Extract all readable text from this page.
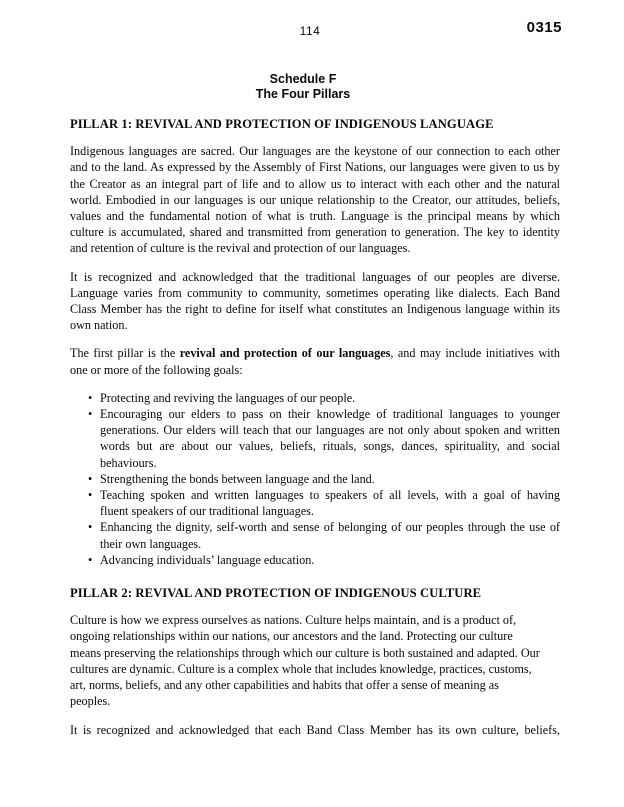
114	0315
Schedule F
The Four Pillars
PILLAR 1: REVIVAL AND PROTECTION OF INDIGENOUS LANGUAGE
Indigenous languages are sacred. Our languages are the keystone of our connection to each other
and to the land. As expressed by the Assembly of First Nations, our languages were given to us by
the Creator as an integral part of life and to allow us to interact with each other and the natural
world. Embodied in our languages is our unique relationship to the Creator, our attitudes, beliefs,
values and the fundamental notion of what is truth. Language is the principal means by which
culture is accumulated, shared and transmitted from generation to generation. The key to identity
and retention of culture is the revival and protection of our languages.
It is recognized and acknowledged that the traditional languages of our peoples are diverse.
Language varies from community to community, sometimes operating like dialects. Each Band
Class Member has the right to define for itself what constitutes an Indigenous language within its
own nation.
The first pillar is the revival and protection of our languages, and may include initiatives with
one or more of the following goals:
• Protecting and reviving the languages of our people.
• Encouraging our elders to pass on their knowledge of traditional languages to younger
generations. Our elders will teach that our languages are not only about spoken and written
words but are about our values, beliefs, rituals, songs, dances, spirituality, and social
behaviours.
• Strengthening the bonds between language and the land.
• Teaching spoken and written languages to speakers of all levels, with a goal of having
fluent speakers of our traditional languages.
• Enhancing the dignity, self-worth and sense of belonging of our peoples through the use of
their own languages.
• Advancing individuals’ language education.
PILLAR 2: REVIVAL AND PROTECTION OF INDIGENOUS CULTURE
Culture is how we express ourselves as nations. Culture helps maintain, and is a product of,
ongoing relationships within our nations, our ancestors and the land. Protecting our culture
means preserving the relationships through which our culture is both sustained and adapted. Our
cultures are dynamic. Culture is a complex whole that includes knowledge, practices, customs,
art, norms, beliefs, and any other capabilities and habits that offer a sense of meaning as
peoples.
It is recognized and acknowledged that each Band Class Member has its own culture, beliefs,
